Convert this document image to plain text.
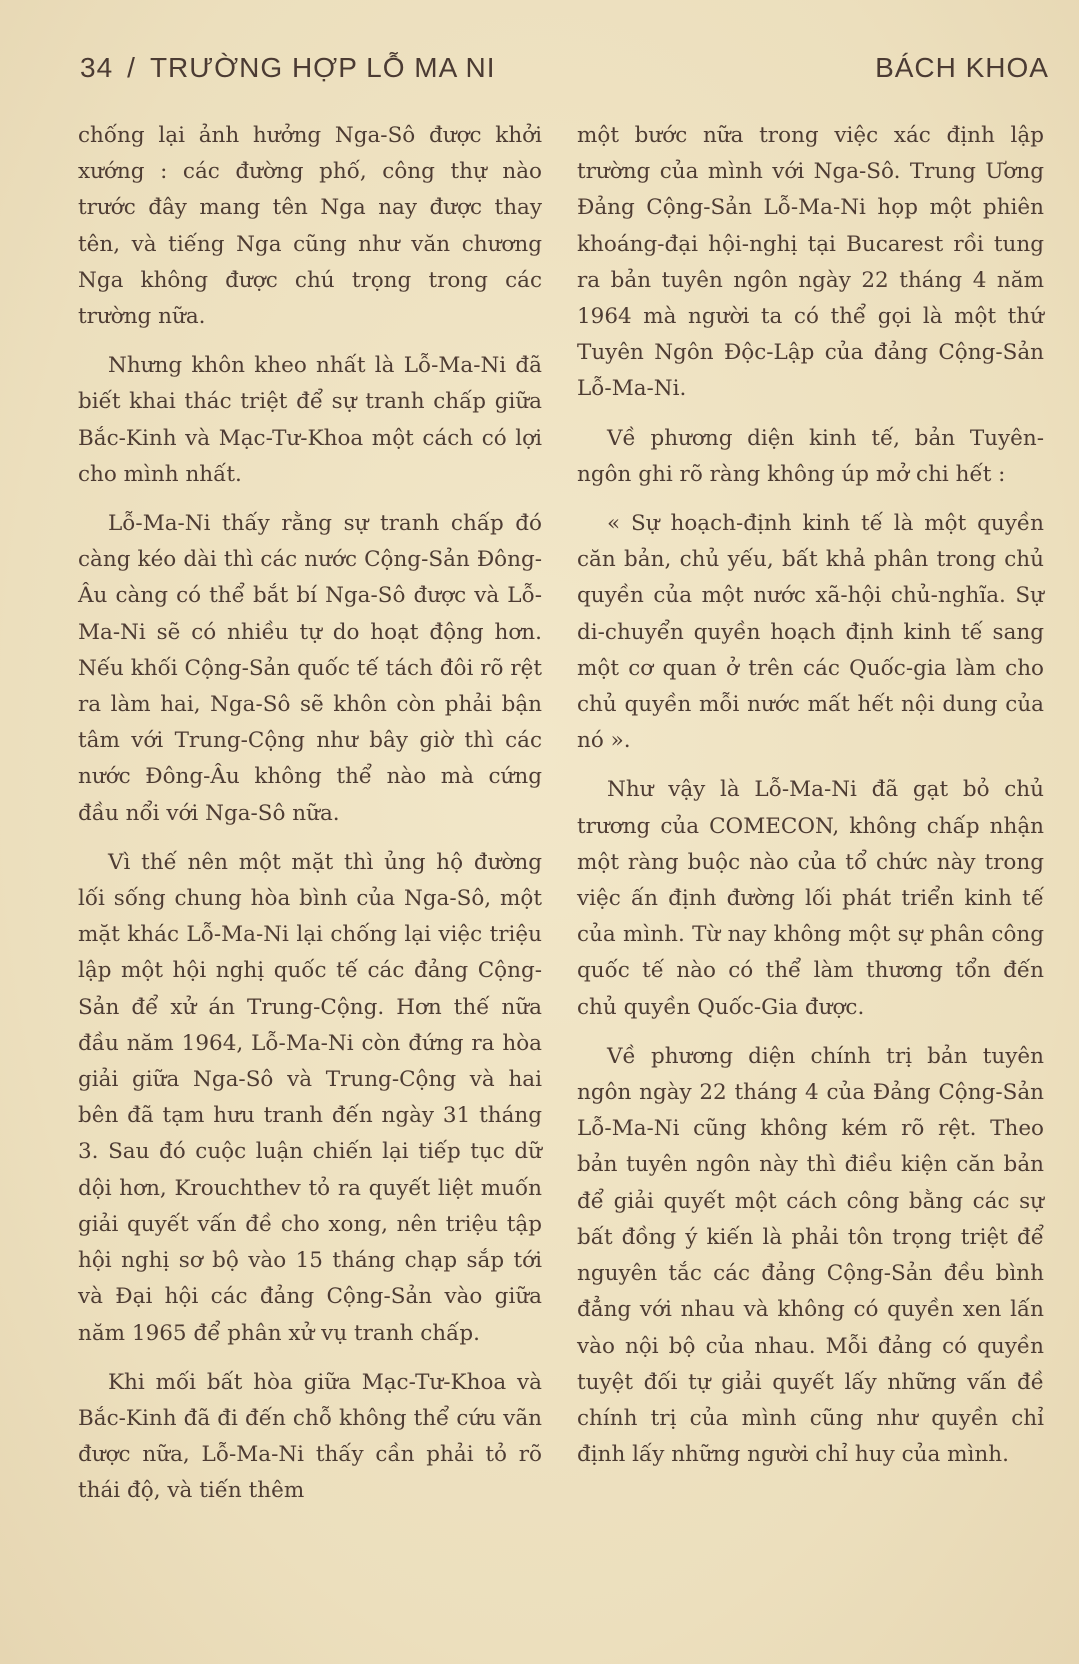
34 / TRƯỜNG HỢP LỖ MA NI	BÁCH KHOA

chống lại ảnh hưởng Nga-Sô được khởi xướng : các đường phố, công thự nào trước đây mang tên Nga nay được thay tên, và tiếng Nga cũng như văn chương Nga không được chú trọng trong các trường nữa.

Nhưng khôn kheo nhất là Lỗ-Ma-Ni đã biết khai thác triệt để sự tranh chấp giữa Bắc-Kinh và Mạc-Tư-Khoa một cách có lợi cho mình nhất.

Lỗ-Ma-Ni thấy rằng sự tranh chấp đó càng kéo dài thì các nước Cộng-Sản Đông-Âu càng có thể bắt bí Nga-Sô được và Lỗ-Ma-Ni sẽ có nhiều tự do hoạt động hơn. Nếu khối Cộng-Sản quốc tế tách đôi rõ rệt ra làm hai, Nga-Sô sẽ khôn còn phải bận tâm với Trung-Cộng như bây giờ thì các nước Đông-Âu không thể nào mà cứng đầu nổi với Nga-Sô nữa.

Vì thế nên một mặt thì ủng hộ đường lối sống chung hòa bình của Nga-Sô, một mặt khác Lỗ-Ma-Ni lại chống lại việc triệu lập một hội nghị quốc tế các đảng Cộng-Sản để xử án Trung-Cộng. Hơn thế nữa đầu năm 1964, Lỗ-Ma-Ni còn đứng ra hòa giải giữa Nga-Sô và Trung-Cộng và hai bên đã tạm hưu tranh đến ngày 31 tháng 3. Sau đó cuộc luận chiến lại tiếp tục dữ dội hơn, Krouchthev tỏ ra quyết liệt muốn giải quyết vấn đề cho xong, nên triệu tập hội nghị sơ bộ vào 15 tháng chạp sắp tới và Đại hội các đảng Cộng-Sản vào giữa năm 1965 để phân xử vụ tranh chấp.

Khi mối bất hòa giữa Mạc-Tư-Khoa và Bắc-Kinh đã đi đến chỗ không thể cứu vãn được nữa, Lỗ-Ma-Ni thấy cần phải tỏ rõ thái độ, và tiến thêm

một bước nữa trong việc xác định lập trường của mình với Nga-Sô. Trung Ương Đảng Cộng-Sản Lỗ-Ma-Ni họp một phiên khoáng-đại hội-nghị tại Bucarest rồi tung ra bản tuyên ngôn ngày 22 tháng 4 năm 1964 mà người ta có thể gọi là một thứ Tuyên Ngôn Độc-Lập của đảng Cộng-Sản Lỗ-Ma-Ni.

Về phương diện kinh tế, bản Tuyên-ngôn ghi rõ ràng không úp mở chi hết :

« Sự hoạch-định kinh tế là một quyền căn bản, chủ yếu, bất khả phân trong chủ quyền của một nước xã-hội chủ-nghĩa. Sự di-chuyển quyền hoạch định kinh tế sang một cơ quan ở trên các Quốc-gia làm cho chủ quyền mỗi nước mất hết nội dung của nó ».

Như vậy là Lỗ-Ma-Ni đã gạt bỏ chủ trương của COMECON, không chấp nhận một ràng buộc nào của tổ chức này trong việc ấn định đường lối phát triển kinh tế của mình. Từ nay không một sự phân công quốc tế nào có thể làm thương tổn đến chủ quyền Quốc-Gia được.

Về phương diện chính trị bản tuyên ngôn ngày 22 tháng 4 của Đảng Cộng-Sản Lỗ-Ma-Ni cũng không kém rõ rệt. Theo bản tuyên ngôn này thì điều kiện căn bản để giải quyết một cách công bằng các sự bất đồng ý kiến là phải tôn trọng triệt để nguyên tắc các đảng Cộng-Sản đều bình đẳng với nhau và không có quyền xen lấn vào nội bộ của nhau. Mỗi đảng có quyền tuyệt đối tự giải quyết lấy những vấn đề chính trị của mình cũng như quyền chỉ định lấy những người chỉ huy của mình.
